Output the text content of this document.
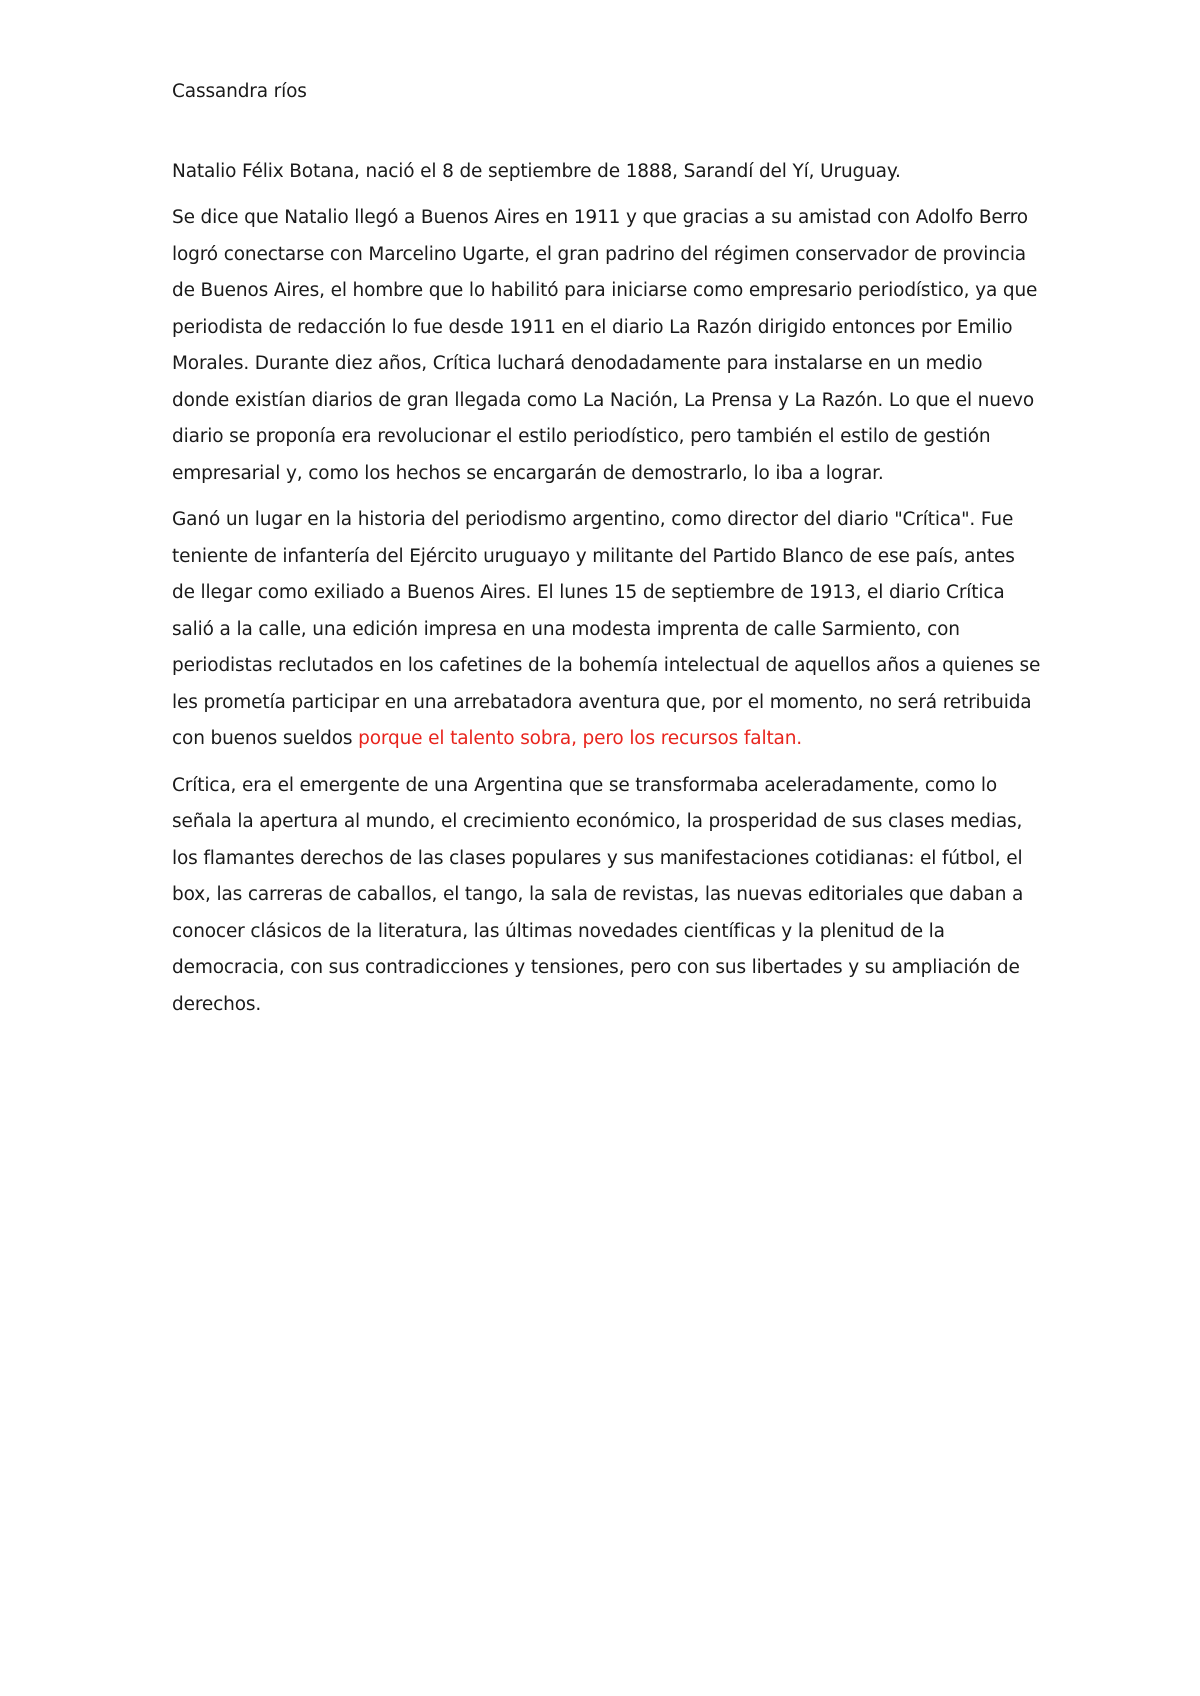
Cassandra ríos

Natalio Félix Botana, nació el 8 de septiembre de 1888, Sarandí del Yí, Uruguay.

Se dice que Natalio llegó a Buenos Aires en 1911 y que gracias a su amistad con Adolfo Berro logró conectarse con Marcelino Ugarte, el gran padrino del régimen conservador de provincia de Buenos Aires, el hombre que lo habilitó para iniciarse como empresario periodístico, ya que periodista de redacción lo fue desde 1911 en el diario La Razón dirigido entonces por Emilio Morales. Durante diez años, Crítica luchará denodadamente para instalarse en un medio donde existían diarios de gran llegada como La Nación, La Prensa y La Razón. Lo que el nuevo diario se proponía era revolucionar el estilo periodístico, pero también el estilo de gestión empresarial y, como los hechos se encargarán de demostrarlo, lo iba a lograr.

Ganó un lugar en la historia del periodismo argentino, como director del diario "Crítica". Fue teniente de infantería del Ejército uruguayo y militante del Partido Blanco de ese país, antes de llegar como exiliado a Buenos Aires. El lunes 15 de septiembre de 1913, el diario Crítica salió a la calle, una edición impresa en una modesta imprenta de calle Sarmiento, con periodistas reclutados en los cafetines de la bohemía intelectual de aquellos años a quienes se les prometía participar en una arrebatadora aventura que, por el momento, no será retribuida con buenos sueldos porque el talento sobra, pero los recursos faltan.

Crítica, era el emergente de una Argentina que se transformaba aceleradamente, como lo señala la apertura al mundo, el crecimiento económico, la prosperidad de sus clases medias, los flamantes derechos de las clases populares y sus manifestaciones cotidianas: el fútbol, el box, las carreras de caballos, el tango, la sala de revistas, las nuevas editoriales que daban a conocer clásicos de la literatura, las últimas novedades científicas y la plenitud de la democracia, con sus contradicciones y tensiones, pero con sus libertades y su ampliación de derechos.
